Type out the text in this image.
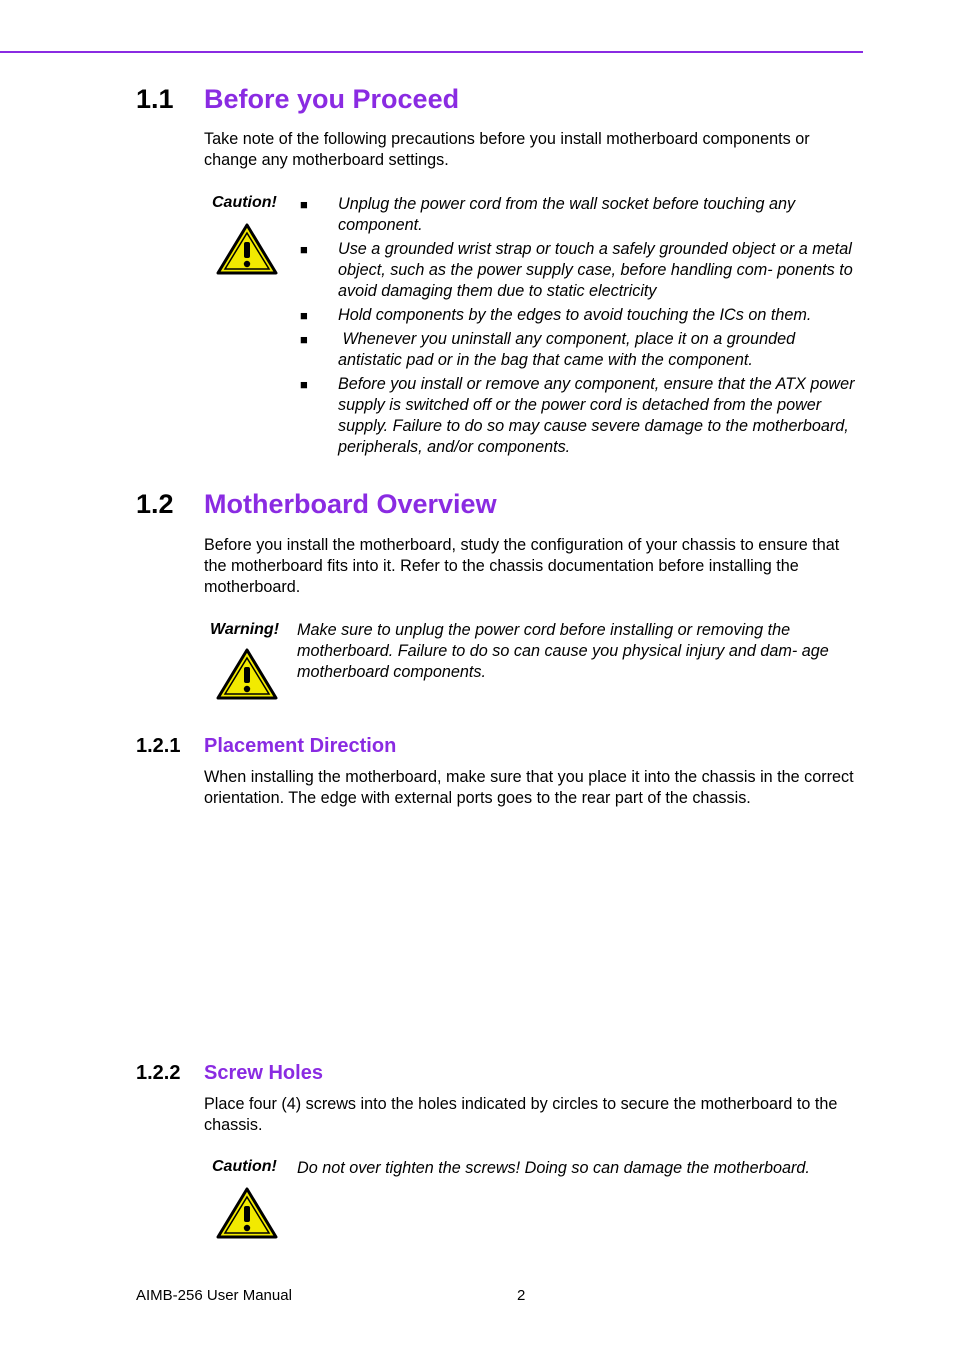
1.1 Before you Proceed
Take note of the following precautions before you install motherboard components or change any motherboard settings.
Caution! ■ Unplug the power cord from the wall socket before touching any component.
■ Use a grounded wrist strap or touch a safely grounded object or a metal object, such as the power supply case, before handling com- ponents to avoid damaging them due to static electricity
■ Hold components by the edges to avoid touching the ICs on them.
■ Whenever you uninstall any component, place it on a grounded antistatic pad or in the bag that came with the component.
■ Before you install or remove any component, ensure that the ATX power supply is switched off or the power cord is detached from the power supply. Failure to do so may cause severe damage to the motherboard, peripherals, and/or components.
1.2 Motherboard Overview
Before you install the motherboard, study the configuration of your chassis to ensure that the motherboard fits into it. Refer to the chassis documentation before installing the motherboard.
Warning! Make sure to unplug the power cord before installing or removing the motherboard. Failure to do so can cause you physical injury and dam- age motherboard components.
1.2.1 Placement Direction
When installing the motherboard, make sure that you place it into the chassis in the correct orientation. The edge with external ports goes to the rear part of the chassis.
1.2.2 Screw Holes
Place four (4) screws into the holes indicated by circles to secure the motherboard to the chassis.
Caution! Do not over tighten the screws! Doing so can damage the motherboard.
AIMB-256 User Manual	2
